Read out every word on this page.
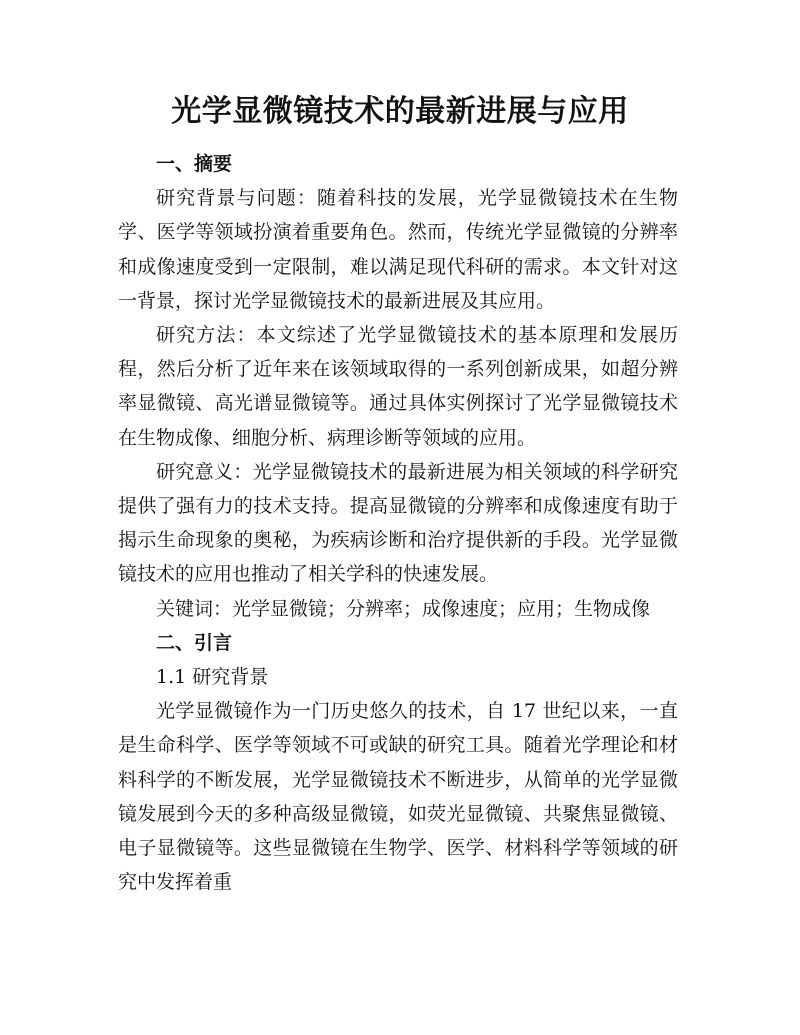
光学显微镜技术的最新进展与应用

一、摘要

研究背景与问题：随着科技的发展，光学显微镜技术在生物学、医学等领域扮演着重要角色。然而，传统光学显微镜的分辨率和成像速度受到一定限制，难以满足现代科研的需求。本文针对这一背景，探讨光学显微镜技术的最新进展及其应用。

研究方法：本文综述了光学显微镜技术的基本原理和发展历程，然后分析了近年来在该领域取得的一系列创新成果，如超分辨率显微镜、高光谱显微镜等。通过具体实例探讨了光学显微镜技术在生物成像、细胞分析、病理诊断等领域的应用。

研究意义：光学显微镜技术的最新进展为相关领域的科学研究提供了强有力的技术支持。提高显微镜的分辨率和成像速度有助于揭示生命现象的奥秘，为疾病诊断和治疗提供新的手段。光学显微镜技术的应用也推动了相关学科的快速发展。

关键词：光学显微镜；分辨率；成像速度；应用；生物成像

二、引言

1.1 研究背景

光学显微镜作为一门历史悠久的技术，自 17 世纪以来，一直是生命科学、医学等领域不可或缺的研究工具。随着光学理论和材料科学的不断发展，光学显微镜技术不断进步，从简单的光学显微镜发展到今天的多种高级显微镜，如荧光显微镜、共聚焦显微镜、电子显微镜等。这些显微镜在生物学、医学、材料科学等领域的研究中发挥着重
